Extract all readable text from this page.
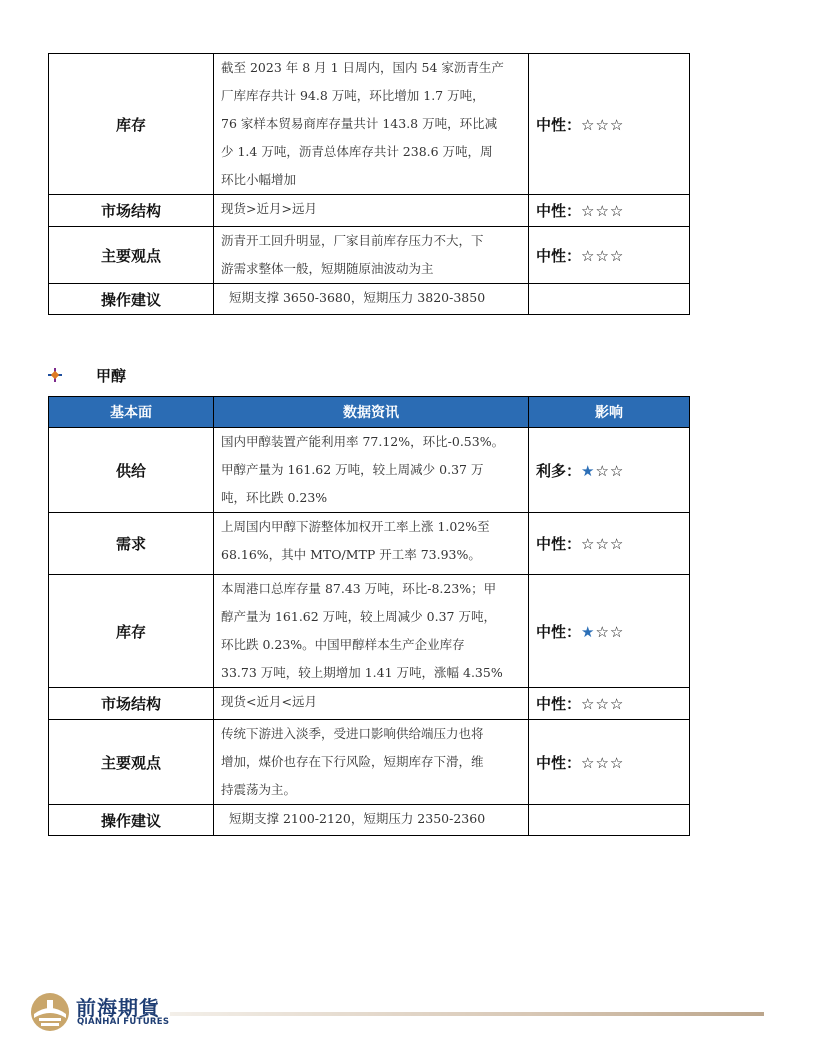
库存	截至 2023 年 8 月 1 日周内，国内 54 家沥青生产
厂库库存共计 94.8 万吨，环比增加 1.7 万吨，
76 家样本贸易商库存量共计 143.8 万吨，环比减
少 1.4 万吨，沥青总体库存共计 238.6 万吨，周
环比小幅增加	中性：☆☆☆
市场结构	现货>近月>远月	中性：☆☆☆
主要观点	沥青开工回升明显，厂家目前库存压力不大，下
游需求整体一般，短期随原油波动为主	中性：☆☆☆
操作建议	短期支撑 3650-3680，短期压力 3820-3850	

甲醇
基本面	数据资讯	影响
供给	国内甲醇装置产能利用率 77.12%，环比-0.53%。
甲醇产量为 161.62 万吨，较上周减少 0.37 万
吨，环比跌 0.23%	利多：★☆☆
需求	上周国内甲醇下游整体加权开工率上涨 1.02%至
68.16%，其中 MTO/MTP 开工率 73.93%。	中性：☆☆☆
库存	本周港口总库存量 87.43 万吨，环比-8.23%；甲
醇产量为 161.62 万吨，较上周减少 0.37 万吨，
环比跌 0.23%。中国甲醇样本生产企业库存
33.73 万吨，较上期增加 1.41 万吨，涨幅 4.35%	中性：★☆☆
市场结构	现货<近月<远月	中性：☆☆☆
主要观点	传统下游进入淡季，受进口影响供给端压力也将
增加，煤价也存在下行风险，短期库存下滑，维
持震荡为主。	中性：☆☆☆
操作建议	短期支撑 2100-2120，短期压力 2350-2360	

前海期貨
QIANHAI FUTURES
